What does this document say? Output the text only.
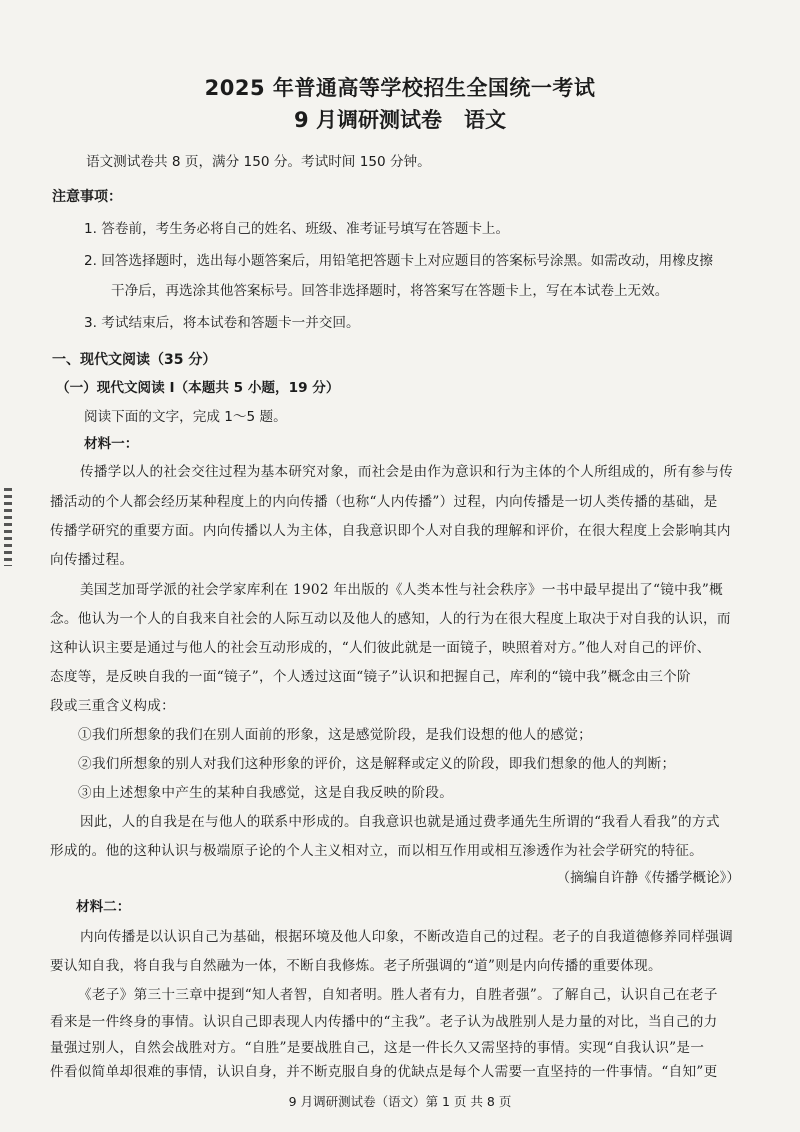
2025 年普通高等学校招生全国统一考试
9 月调研测试卷 语文
语文测试卷共 8 页，满分 150 分。考试时间 150 分钟。
注意事项：
1. 答卷前，考生务必将自己的姓名、班级、准考证号填写在答题卡上。
2. 回答选择题时，选出每小题答案后，用铅笔把答题卡上对应题目的答案标号涂黑。如需改动，用橡皮擦
干净后，再选涂其他答案标号。回答非选择题时，将答案写在答题卡上，写在本试卷上无效。
3. 考试结束后，将本试卷和答题卡一并交回。
一、现代文阅读（35 分）
（一）现代文阅读 I（本题共 5 小题，19 分）
阅读下面的文字，完成 1～5 题。
材料一：
传播学以人的社会交往过程为基本研究对象，而社会是由作为意识和行为主体的个人所组成的，所有参与传
播活动的个人都会经历某种程度上的内向传播（也称“人内传播”）过程，内向传播是一切人类传播的基础，是
传播学研究的重要方面。内向传播以人为主体，自我意识即个人对自我的理解和评价，在很大程度上会影响其内
向传播过程。
美国芝加哥学派的社会学家库利在 1902 年出版的《人类本性与社会秩序》一书中最早提出了“镜中我”概
念。他认为一个人的自我来自社会的人际互动以及他人的感知，人的行为在很大程度上取决于对自我的认识，而
这种认识主要是通过与他人的社会互动形成的，“人们彼此就是一面镜子，映照着对方。”他人对自己的评价、
态度等，是反映自我的一面“镜子”，个人透过这面“镜子”认识和把握自己，库利的“镜中我”概念由三个阶
段或三重含义构成：
①我们所想象的我们在别人面前的形象，这是感觉阶段，是我们设想的他人的感觉；
②我们所想象的别人对我们这种形象的评价，这是解释或定义的阶段，即我们想象的他人的判断；
③由上述想象中产生的某种自我感觉，这是自我反映的阶段。
因此，人的自我是在与他人的联系中形成的。自我意识也就是通过费孝通先生所谓的“我看人看我”的方式
形成的。他的这种认识与极端原子论的个人主义相对立，而以相互作用或相互渗透作为社会学研究的特征。
（摘编自许静《传播学概论》）
材料二：
内向传播是以认识自己为基础，根据环境及他人印象，不断改造自己的过程。老子的自我道德修养同样强调
要认知自我，将自我与自然融为一体，不断自我修炼。老子所强调的“道”则是内向传播的重要体现。
《老子》第三十三章中提到“知人者智，自知者明。胜人者有力，自胜者强”。了解自己，认识自己在老子
看来是一件终身的事情。认识自己即表现人内传播中的“主我”。老子认为战胜别人是力量的对比，当自己的力
量强过别人，自然会战胜对方。“自胜”是要战胜自己，这是一件长久又需坚持的事情。实现“自我认识”是一
9 月调研测试卷（语文）第 1 页 共 8 页
件看似简单却很难的事情，认识自身，并不断克服自身的优缺点是每个人需要一直坚持的一件事情。“自知”更
